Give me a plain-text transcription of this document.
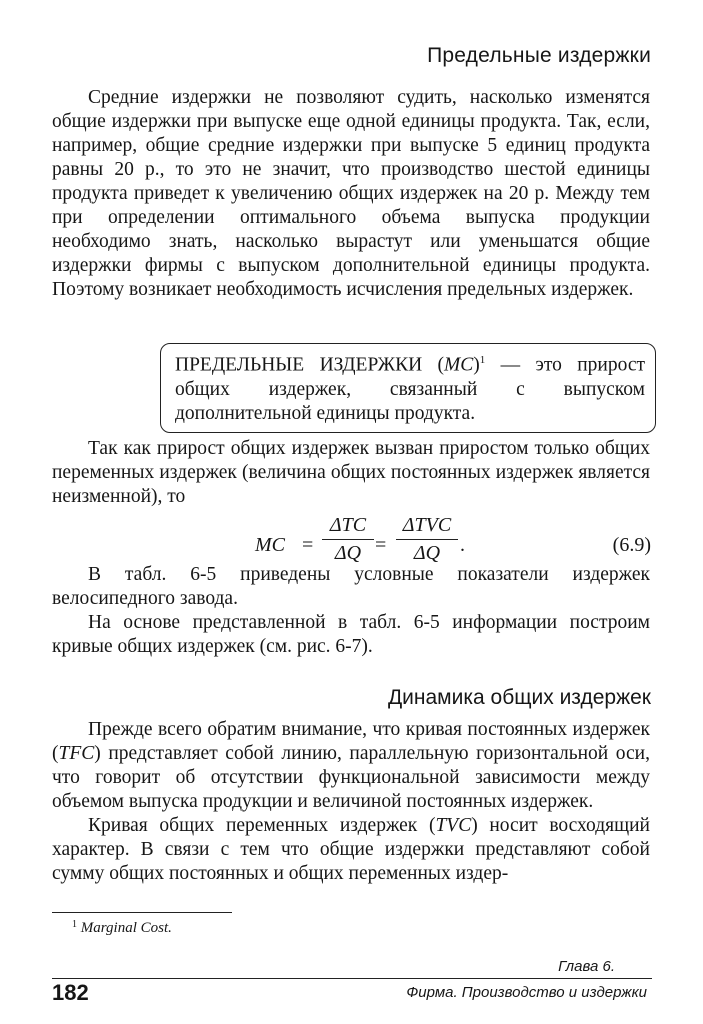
Предельные издержки

Средние издержки не позволяют судить, насколько изменятся общие издержки при выпуске еще одной единицы продукта. Так, если, например, общие средние издержки при выпуске 5 единиц продукта равны 20 р., то это не значит, что производство шестой единицы продукта приведет к увеличению общих издержек на 20 р. Между тем при определении оптимального объема выпуска продукции необходимо знать, насколько вырастут или уменьшатся общие издержки фирмы с выпуском дополнительной единицы продукта. Поэтому возникает необходимость исчисления предельных издержек.

ПРЕДЕЛЬНЫЕ ИЗДЕРЖКИ (MC)$^1$ — это прирост общих издержек, связанный с выпуском дополнительной единицы продукта.

Так как прирост общих издержек вызван приростом только общих переменных издержек (величина общих постоянных издержек является неизменной), то

MC =
ΔTC
ΔQ =
ΔTVC
ΔQ .	(6.9)

В табл. 6-5 приведены условные показатели издержек велосипедного завода.

На основе представленной в табл. 6-5 информации построим кривые общих издержек (см. рис. 6-7).

Динамика общих издержек

Прежде всего обратим внимание, что кривая постоянных издержек (TFC) представляет собой линию, параллельную горизонтальной оси, что говорит об отсутствии функциональной зависимости между объемом выпуска продукции и величиной постоянных издержек.

Кривая общих переменных издержек (TVC) носит восходящий характер. В связи с тем что общие издержки представляют собой сумму общих постоянных и общих переменных издер-

$^1$ Marginal Cost.
Глава 6.
182	Фирма. Производство и издержки
